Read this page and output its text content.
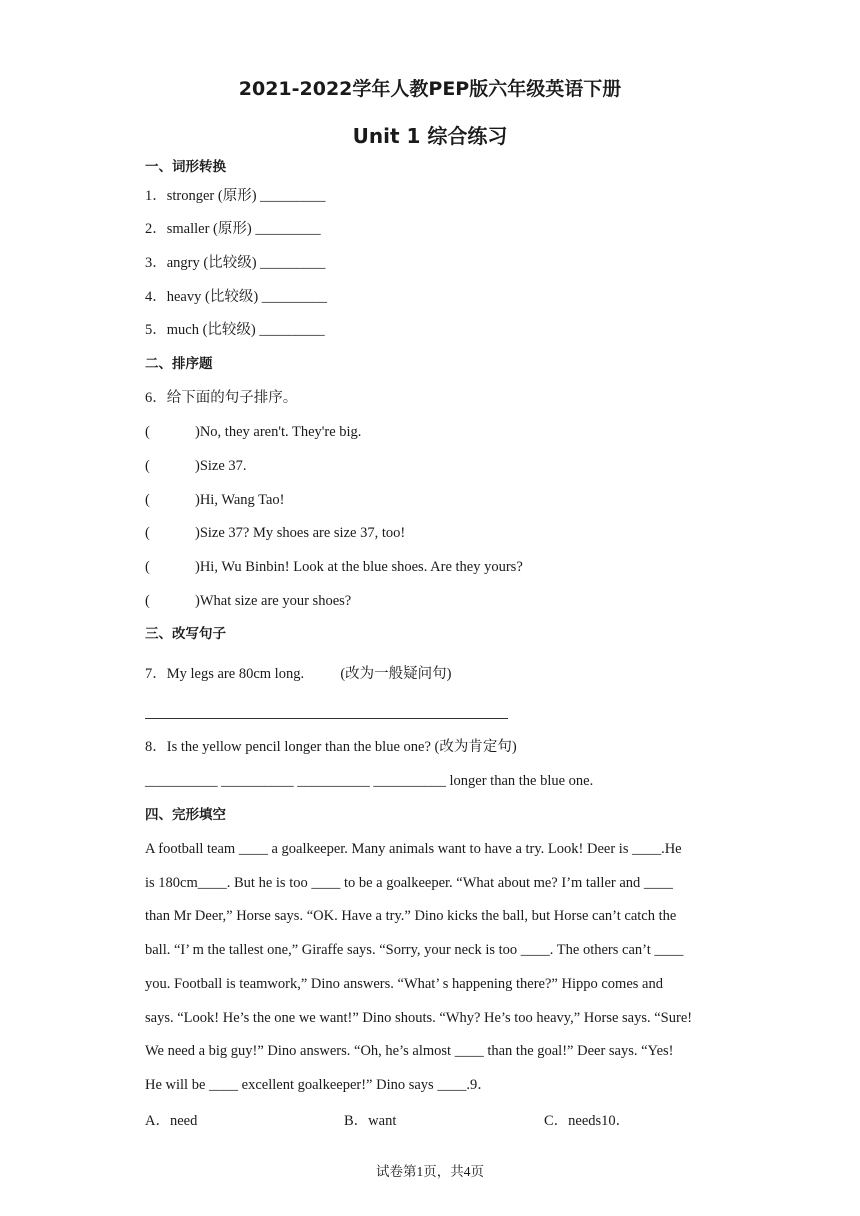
2021-2022学年人教PEP版六年级英语下册
Unit 1 综合练习
一、词形转换
1．stronger (原形) _________
2．smaller (原形) _________
3．angry (比较级) _________
4．heavy (比较级) _________
5．much (比较级) _________
二、排序题
6．给下面的句子排序。
(	)No, they aren't. They're big.
(	)Size 37.
(	)Hi, Wang Tao!
(	)Size 37? My shoes are size 37, too!
(	)Hi, Wu Binbin! Look at the blue shoes. Are they yours?
(	)What size are your shoes?
三、改写句子
7．My legs are 80cm long.          (改为一般疑问句)
8．Is the yellow pencil longer than the blue one? (改为肯定句)
__________ __________ __________ __________ longer than the blue one.
四、完形填空
A football team ____ a goalkeeper. Many animals want to have a try. Look! Deer is ____.He
is 180cm____. But he is too ____ to be a goalkeeper. “What about me? I’m taller and ____
than Mr Deer,” Horse says. “OK. Have a try.” Dino kicks the ball, but Horse can’t catch the
ball. “I’ m the tallest one,” Giraffe says. “Sorry, your neck is too ____. The others can’t ____
you. Football is teamwork,” Dino answers. “What’ s happening there?” Hippo comes and
says. “Look! He’s the one we want!” Dino shouts. “Why? He’s too heavy,” Horse says. “Sure!
We need a big guy!” Dino answers. “Oh, he’s almost ____ than the goal!” Deer says. “Yes!
He will be ____ excellent goalkeeper!” Dino says ____.9．
A．need	B．want	C．needs10．
试卷第1页，共4页
